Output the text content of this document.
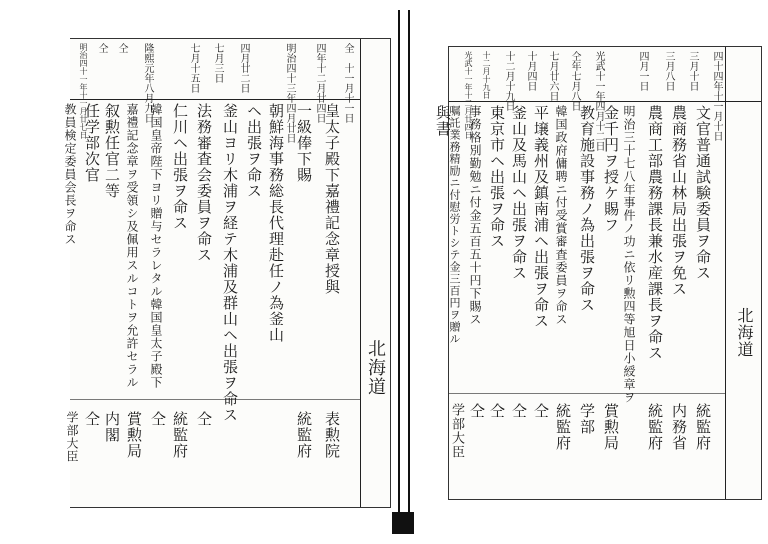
北海道
全　十一月十一日
皇太子殿下嘉禮記念章授與
表勲院
四年十二月廿四日
一級俸下賜
統監府
明治四十三年四月廿日
朝鮮海事務総長代理赴任ノ為釜山
ヘ出張ヲ命ス
四月廿二日
釜山ヨリ木浦ヲ経テ木浦及群山ヘ出張ヲ命ス
七月三日
法務審査会委員ヲ命ス
仝
七月十五日
仁川ヘ出張ヲ命ス
統監府
韓国皇帝陛下ヨリ贈与セラレタル韓国皇太子殿下
仝
隆熙元年八月九日
嘉禮記念章ヲ受領シ及佩用スルコトヲ允許セラル
賞勲局
仝
叙勲任官二等
内閣
仝
任学部次官
仝
明治四十一年十一月廿七日
教員検定委員会長ヲ命ス
学部大臣
北海道
四十四年十一月十日
文官普通試験委員ヲ命ス
統監府
三月十日
農商務省山林局出張ヲ免ス
内務省
三月八日
農商工部農務課長兼水産課長ヲ命ス
統監府
四月一日
明治三十七八年事件ノ功ニ依リ勲四等旭日小綬章ヲ
金千円ヲ授ケ賜フ
賞勲局
光武十一年四月十二日
教育施設事務ノ為出張ヲ命ス
学部
仝年七月八日
韓国政府傭聘ニ付受賞審査委員ヲ命ス
統監府
七月廿六日
平壌義州及鎮南浦ヘ出張ヲ命ス
仝
十月四日
釜山及馬山ヘ出張ヲ命ス
仝
十二月十九日
東京市ヘ出張ヲ命ス
仝
十二月十九日
事務格別勤勉ニ付金五百五十円下賜ス
仝
光武十一年十二月廿四日
嘱託業務精励ニ付慰労トシテ金三百円ヲ贈ル
学部大臣
與書
